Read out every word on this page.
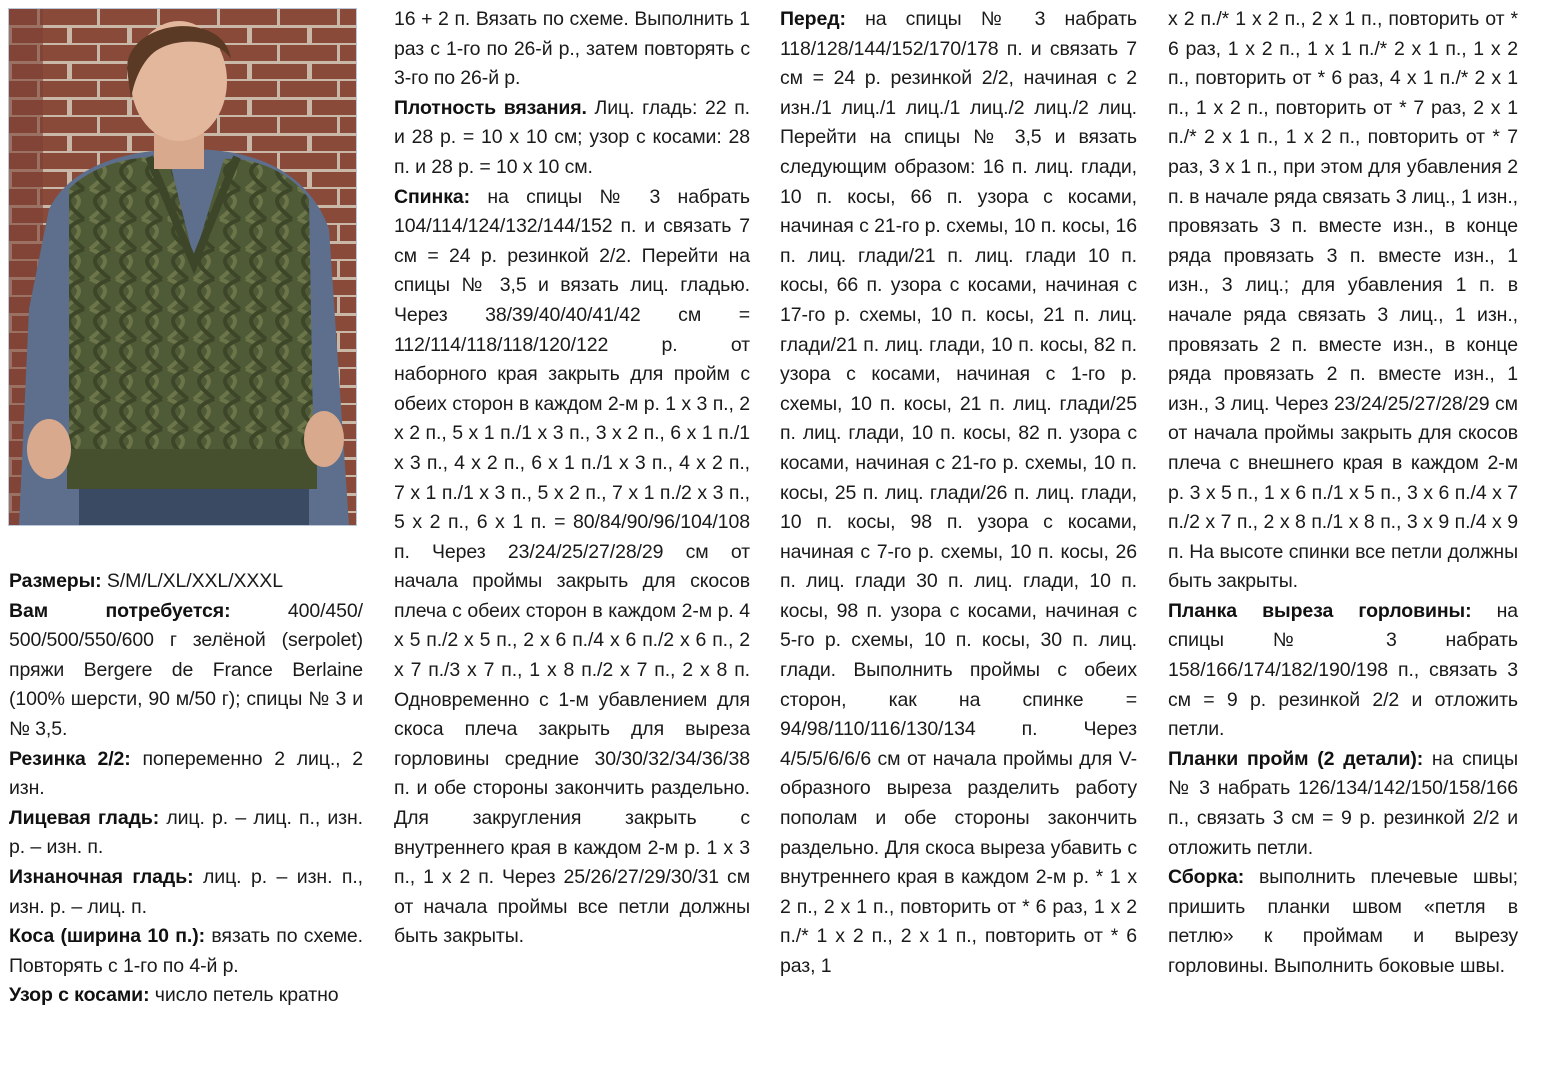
Размеры: S/M/L/XL/XXL/XXXL

Вам потребуется: 400/450/ 500/500/550/600 г зелёной (serpolet) пряжи Bergere de France Berlaine (100% шерсти, 90 м/50 г); спицы № 3 и № 3,5.

Резинка 2/2: попеременно 2 лиц., 2 изн.

Лицевая гладь: лиц. р. – лиц. п., изн. р. – изн. п.

Изнаночная гладь: лиц. р. – изн. п., изн. р. – лиц. п.

Коса (ширина 10 п.): вязать по схеме. Повторять с 1-го по 4-й р.

Узор с косами: число петель кратно

16 + 2 п. Вязать по схеме. Выполнить 1 раз с 1-го по 26-й р., затем повторять с 3-го по 26-й р.

Плотность вязания. Лиц. гладь: 22 п. и 28 р. = 10 х 10 см; узор с косами: 28 п. и 28 р. = 10 х 10 см.

Спинка: на спицы № 3 набрать 104/114/124/132/144/152 п. и связать 7 см = 24 р. резинкой 2/2. Перейти на спицы № 3,5 и вязать лиц. гладью. Через 38/39/40/40/41/42 см = 112/114/118/118/120/122 р. от наборного края закрыть для пройм с обеих сторон в каждом 2-м р. 1 х 3 п., 2 х 2 п., 5 х 1 п./1 х 3 п., 3 х 2 п., 6 х 1 п./1 х 3 п., 4 х 2 п., 6 х 1 п./1 х 3 п., 4 х 2 п., 7 х 1 п./1 х 3 п., 5 х 2 п., 7 х 1 п./2 х 3 п., 5 х 2 п., 6 х 1 п. = 80/84/90/96/104/108 п. Через 23/24/25/27/28/29 см от начала проймы закрыть для скосов плеча с обеих сторон в каждом 2-м р. 4 х 5 п./2 х 5 п., 2 х 6 п./4 х 6 п./2 х 6 п., 2 х 7 п./3 х 7 п., 1 х 8 п./2 х 7 п., 2 х 8 п. Одновременно с 1-м убавлением для скоса плеча закрыть для выреза горловины средние 30/30/32/34/36/38 п. и обе стороны закончить раздельно. Для закругления закрыть с внутреннего края в каждом 2-м р. 1 х 3 п., 1 х 2 п. Через 25/26/27/29/30/31 см от начала проймы все петли должны быть закрыты.

Перед: на спицы № 3 набрать 118/128/144/152/170/178 п. и связать 7 см = 24 р. резинкой 2/2, начиная с 2 изн./1 лиц./1 лиц./1 лиц./2 лиц./2 лиц. Перейти на спицы № 3,5 и вязать следующим образом: 16 п. лиц. глади, 10 п. косы, 66 п. узора с косами, начиная с 21-го р. схемы, 10 п. косы, 16 п. лиц. глади/21 п. лиц. глади 10 п. косы, 66 п. узора с косами, начиная с 17-го р. схемы, 10 п. косы, 21 п. лиц. глади/21 п. лиц. глади, 10 п. косы, 82 п. узора с косами, начиная с 1-го р. схемы, 10 п. косы, 21 п. лиц. глади/25 п. лиц. глади, 10 п. косы, 82 п. узора с косами, начиная с 21-го р. схемы, 10 п. косы, 25 п. лиц. глади/26 п. лиц. глади, 10 п. косы, 98 п. узора с косами, начиная с 7-го р. схемы, 10 п. косы, 26 п. лиц. глади 30 п. лиц. глади, 10 п. косы, 98 п. узора с косами, начиная с 5-го р. схемы, 10 п. косы, 30 п. лиц. глади. Выполнить проймы с обеих сторон, как на спинке = 94/98/110/116/130/134 п. Через 4/5/5/6/6/6 см от начала проймы для V-образного выреза разделить работу пополам и обе стороны закончить раздельно. Для скоса выреза убавить с внутреннего края в каждом 2-м р. * 1 х 2 п., 2 х 1 п., повторить от * 6 раз, 1 х 2 п./* 1 х 2 п., 2 х 1 п., повторить от * 6 раз, 1

х 2 п./* 1 х 2 п., 2 х 1 п., повторить от * 6 раз, 1 х 2 п., 1 х 1 п./* 2 х 1 п., 1 х 2 п., повторить от * 6 раз, 4 х 1 п./* 2 х 1 п., 1 х 2 п., повторить от * 7 раз, 2 х 1 п./* 2 х 1 п., 1 х 2 п., повторить от * 7 раз, 3 х 1 п., при этом для убавления 2 п. в начале ряда связать 3 лиц., 1 изн., провязать 3 п. вместе изн., в конце ряда провязать 3 п. вместе изн., 1 изн., 3 лиц.; для убавления 1 п. в начале ряда связать 3 лиц., 1 изн., провязать 2 п. вместе изн., в конце ряда провязать 2 п. вместе изн., 1 изн., 3 лиц. Через 23/24/25/27/28/29 см от начала проймы закрыть для скосов плеча с внешнего края в каждом 2-м р. 3 х 5 п., 1 х 6 п./1 х 5 п., 3 х 6 п./4 х 7 п./2 х 7 п., 2 х 8 п./1 х 8 п., 3 х 9 п./4 х 9 п. На высоте спинки все петли должны быть закрыты.

Планка выреза горловины: на спицы № 3 набрать 158/166/174/182/190/198 п., связать 3 см = 9 р. резинкой 2/2 и отложить петли.

Планки пройм (2 детали): на спицы № 3 набрать 126/134/142/150/158/166 п., связать 3 см = 9 р. резинкой 2/2 и отложить петли.

Сборка: выполнить плечевые швы; пришить планки швом «петля в петлю» к проймам и вырезу горловины. Выполнить боковые швы.
